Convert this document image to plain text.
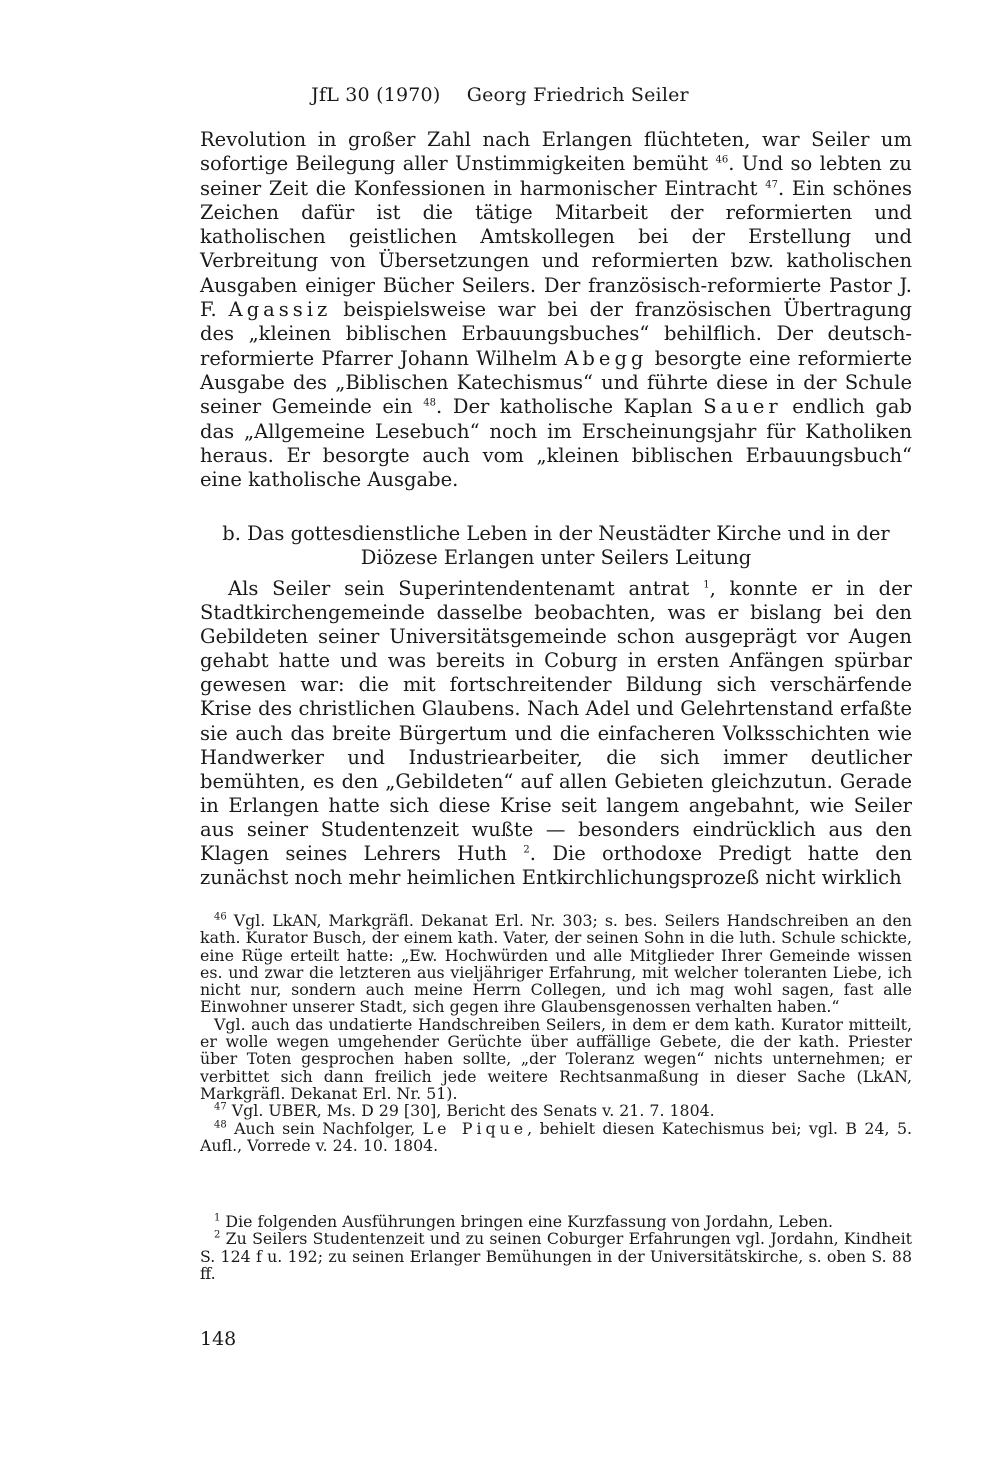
JfL 30 (1970) Georg Friedrich Seiler

Revolution in großer Zahl nach Erlangen flüchteten, war Seiler um sofortige Beilegung aller Unstimmigkeiten bemüht $^{46}$. Und so lebten zu seiner Zeit die Konfessionen in harmonischer Eintracht $^{47}$. Ein schönes Zeichen dafür ist die tätige Mitarbeit der reformierten und katholischen geistlichen Amtskollegen bei der Erstellung und Verbreitung von Übersetzungen und reformierten bzw. katholischen Ausgaben einiger Bücher Seilers. Der französisch-reformierte Pastor J. F. Agassiz beispielsweise war bei der französischen Übertragung des „kleinen biblischen Erbauungsbuches“ behilflich. Der deutsch-reformierte Pfarrer Johann Wilhelm Abegg besorgte eine reformierte Ausgabe des „Biblischen Katechismus“ und führte diese in der Schule seiner Gemeinde ein $^{48}$. Der katholische Kaplan Sauer endlich gab das „Allgemeine Lesebuch“ noch im Erscheinungsjahr für Katholiken heraus. Er besorgte auch vom „kleinen biblischen Erbauungsbuch“ eine katholische Ausgabe.

b. Das gottesdienstliche Leben in der Neustädter Kirche und in der
Diözese Erlangen unter Seilers Leitung

Als Seiler sein Superintendentenamt antrat $^1$, konnte er in der Stadtkirchengemeinde dasselbe beobachten, was er bislang bei den Gebildeten seiner Universitätsgemeinde schon ausgeprägt vor Augen gehabt hatte und was bereits in Coburg in ersten Anfängen spürbar gewesen war: die mit fortschreitender Bildung sich verschärfende Krise des christlichen Glaubens. Nach Adel und Gelehrtenstand erfaßte sie auch das breite Bürgertum und die einfacheren Volksschichten wie Handwerker und Industriearbeiter, die sich immer deutlicher bemühten, es den „Gebildeten“ auf allen Gebieten gleichzutun. Gerade in Erlangen hatte sich diese Krise seit langem angebahnt, wie Seiler aus seiner Studentenzeit wußte — besonders eindrücklich aus den Klagen seines Lehrers Huth $^2$. Die orthodoxe Predigt hatte den zunächst noch mehr heimlichen Entkirchlichungsprozeß nicht wirklich

$^{46}$ Vgl. LkAN, Markgräfl. Dekanat Erl. Nr. 303; s. bes. Seilers Handschreiben an den kath. Kurator Busch, der einem kath. Vater, der seinen Sohn in die luth. Schule schickte, eine Rüge erteilt hatte: „Ew. Hochwürden und alle Mitglieder Ihrer Gemeinde wissen es. und zwar die letzteren aus vieljähriger Erfahrung, mit welcher toleranten Liebe, ich nicht nur, sondern auch meine Herrn Collegen, und ich mag wohl sagen, fast alle Einwohner unserer Stadt, sich gegen ihre Glaubensgenossen verhalten haben.“

Vgl. auch das undatierte Handschreiben Seilers, in dem er dem kath. Kurator mitteilt, er wolle wegen umgehender Gerüchte über auffällige Gebete, die der kath. Priester über Toten gesprochen haben sollte, „der Toleranz wegen“ nichts unternehmen; er verbittet sich dann freilich jede weitere Rechtsanmaßung in dieser Sache (LkAN, Markgräfl. Dekanat Erl. Nr. 51).

$^{47}$ Vgl. UBER, Ms. D 29 [30], Bericht des Senats v. 21. 7. 1804.

$^{48}$ Auch sein Nachfolger, Le Pique, behielt diesen Katechismus bei; vgl. B 24, 5. Aufl., Vorrede v. 24. 10. 1804.

$^1$ Die folgenden Ausführungen bringen eine Kurzfassung von Jordahn, Leben.

$^2$ Zu Seilers Studentenzeit und zu seinen Coburger Erfahrungen vgl. Jordahn, Kindheit S. 124 f u. 192; zu seinen Erlanger Bemühungen in der Universitätskirche, s. oben S. 88 ff.

148
